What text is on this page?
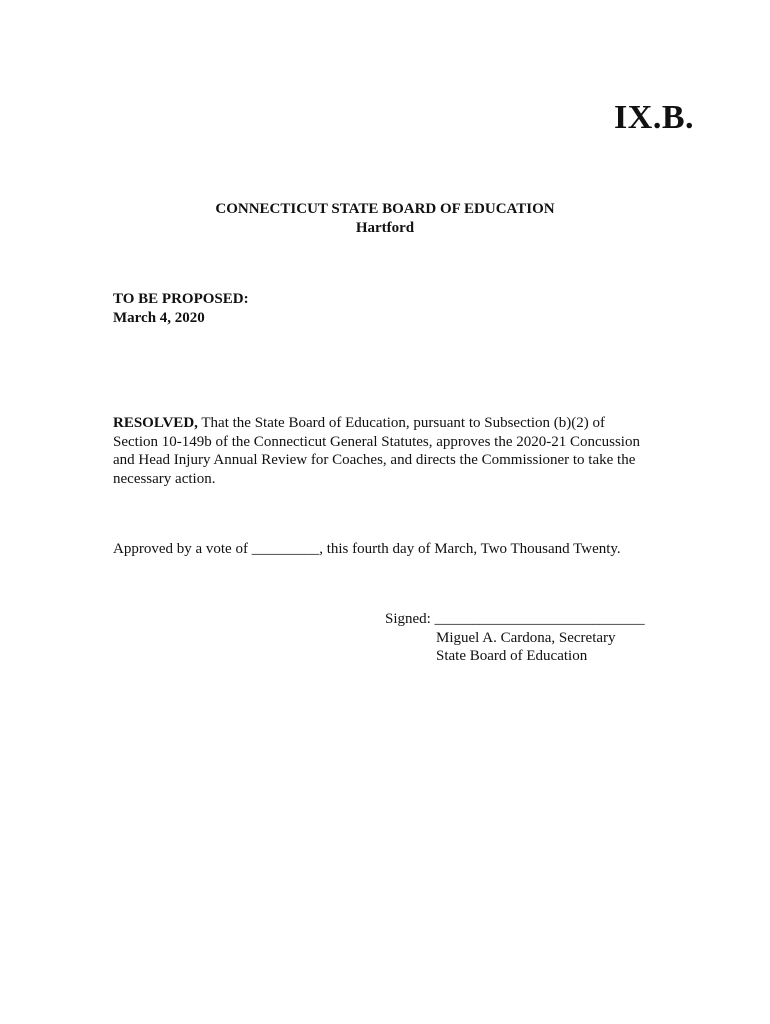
IX.B.
CONNECTICUT STATE BOARD OF EDUCATION
Hartford
TO BE PROPOSED:
March 4, 2020
RESOLVED, That the State Board of Education, pursuant to Subsection (b)(2) of
Section 10-149b of the Connecticut General Statutes, approves the 2020-21 Concussion
and Head Injury Annual Review for Coaches, and directs the Commissioner to take the
necessary action.
Approved by a vote of _________, this fourth day of March, Two Thousand Twenty.
Signed: ____________________________
Miguel A. Cardona, Secretary
State Board of Education
